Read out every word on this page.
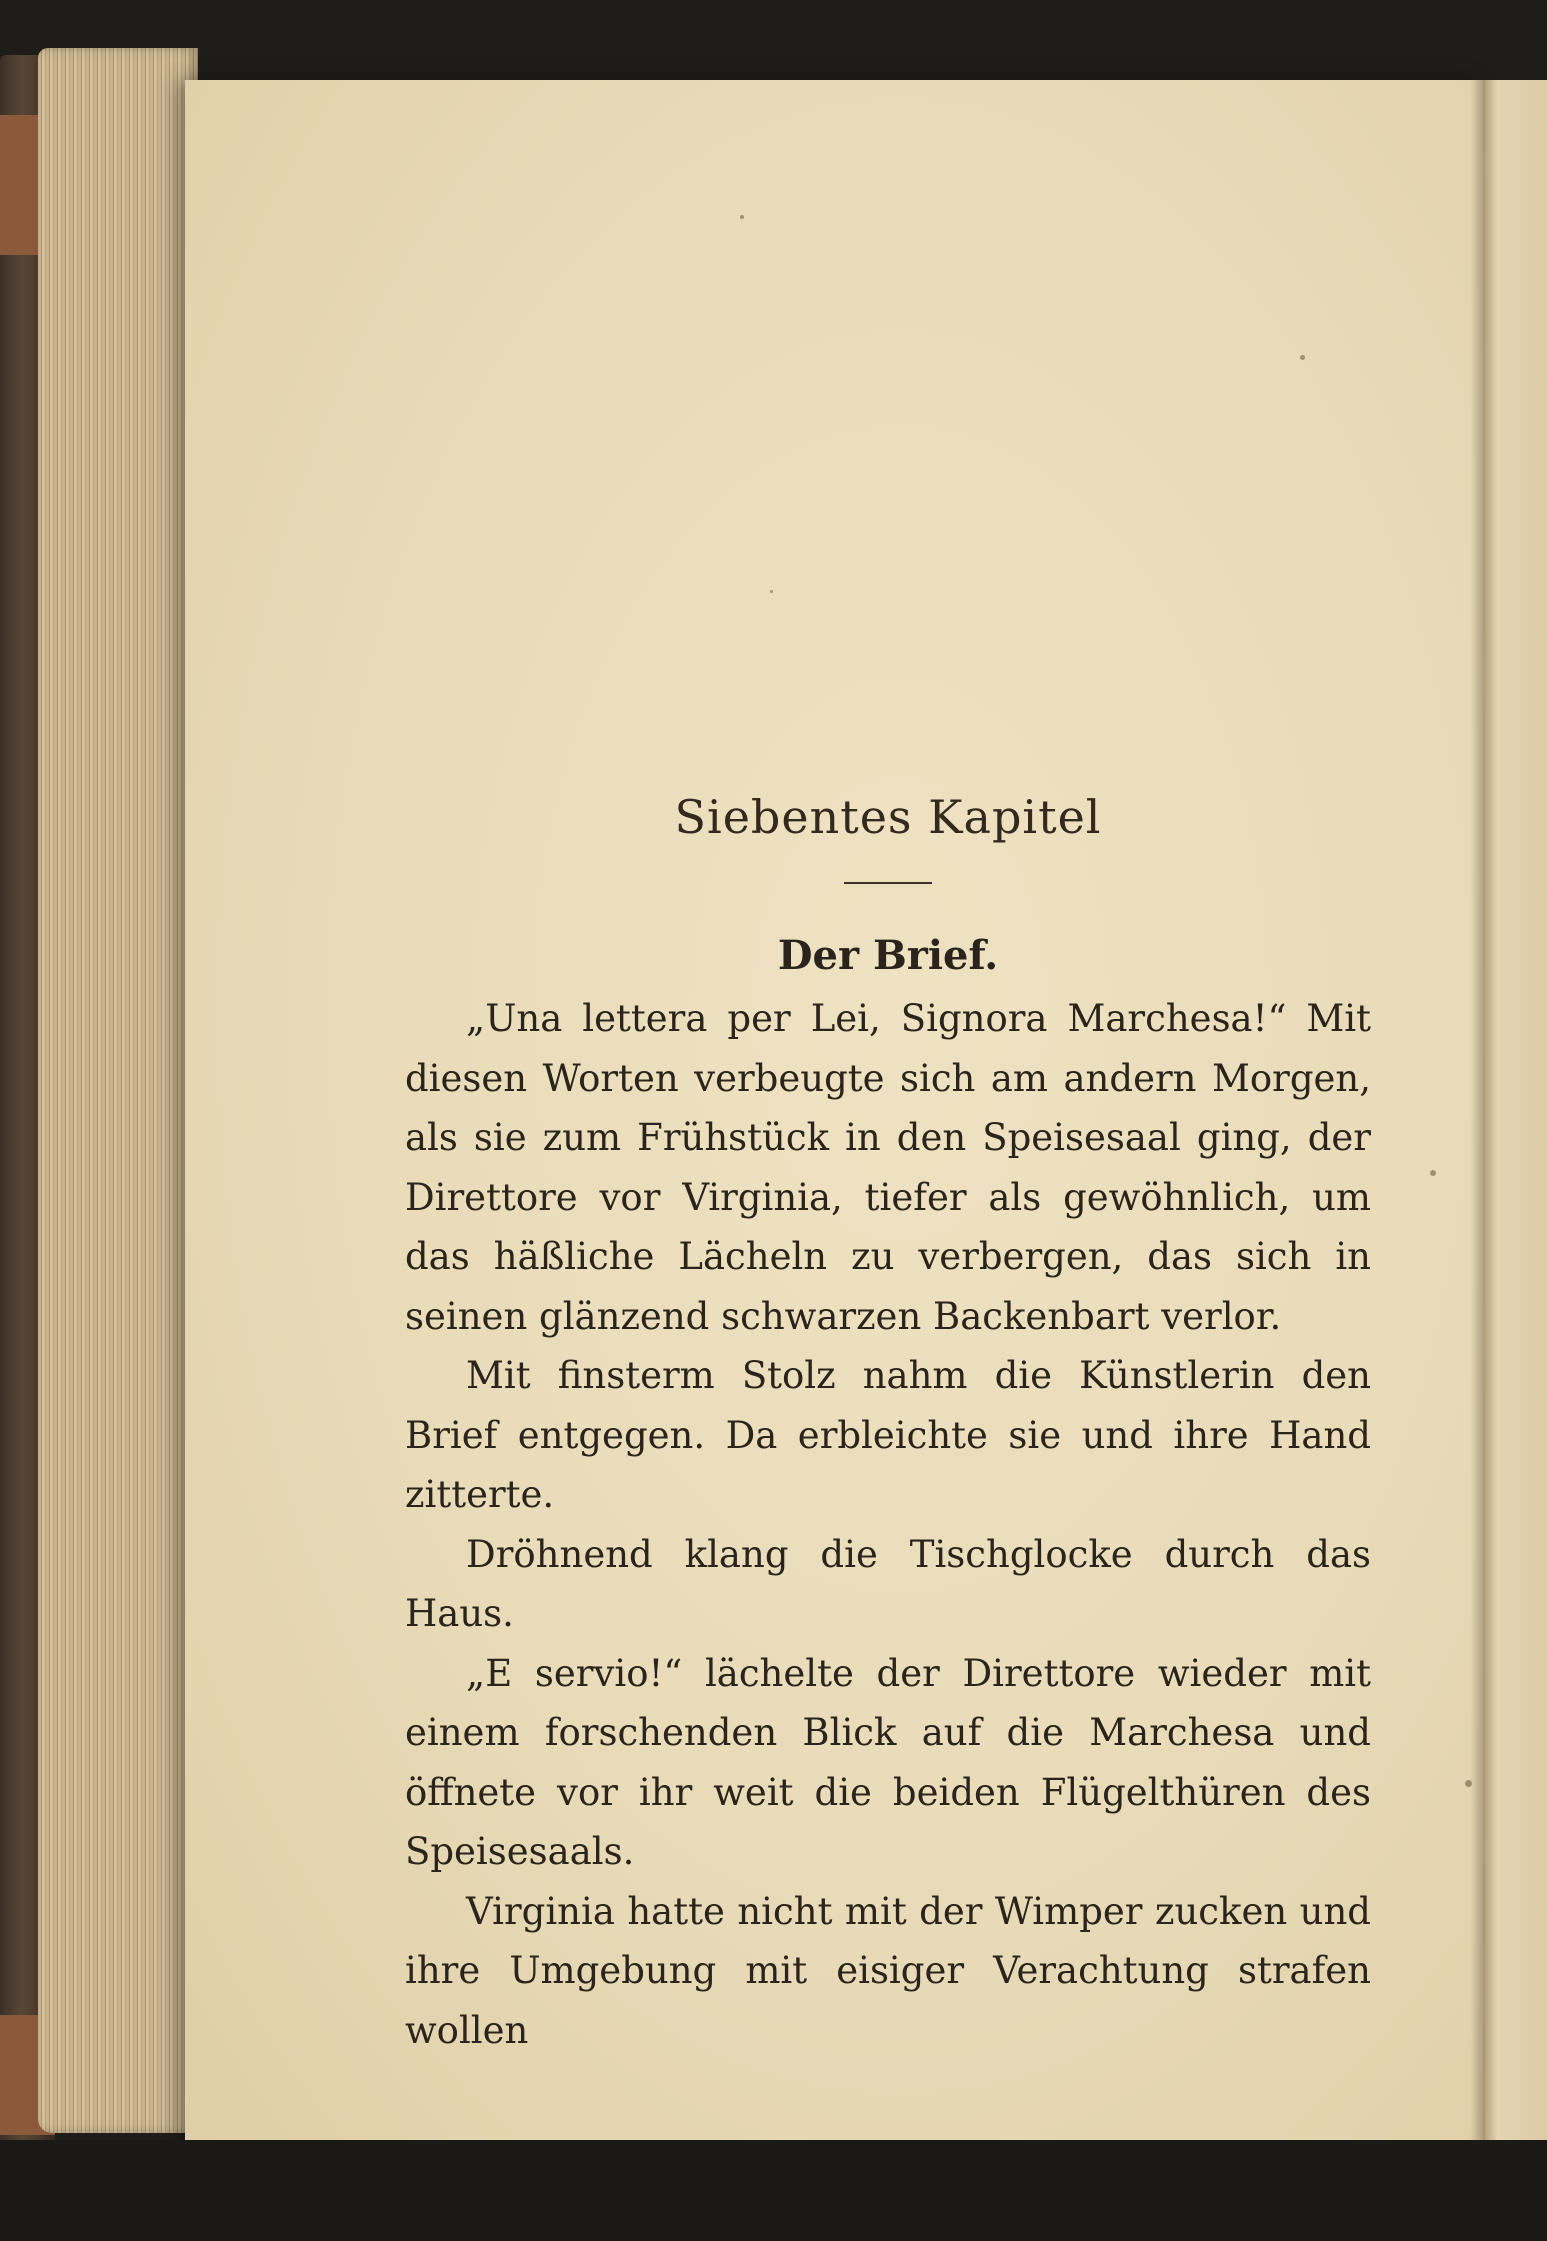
Siebentes Kapitel
Der Brief.

„Una lettera per Lei, Signora Marchesa!“ Mit diesen Worten verbeugte sich am andern Morgen, als sie zum Frühstück in den Speisesaal ging, der Direttore vor Virginia, tiefer als gewöhnlich, um das häßliche Lächeln zu verbergen, das sich in seinen glänzend schwarzen Backenbart verlor.

Mit finsterm Stolz nahm die Künstlerin den Brief entgegen. Da erbleichte sie und ihre Hand zitterte.

Dröhnend klang die Tischglocke durch das Haus.

„E servio!“ lächelte der Direttore wieder mit einem forschenden Blick auf die Marchesa und öffnete vor ihr weit die beiden Flügelthüren des Speisesaals.

Virginia hatte nicht mit der Wimper zucken und ihre Umgebung mit eisiger Verachtung strafen wollen
